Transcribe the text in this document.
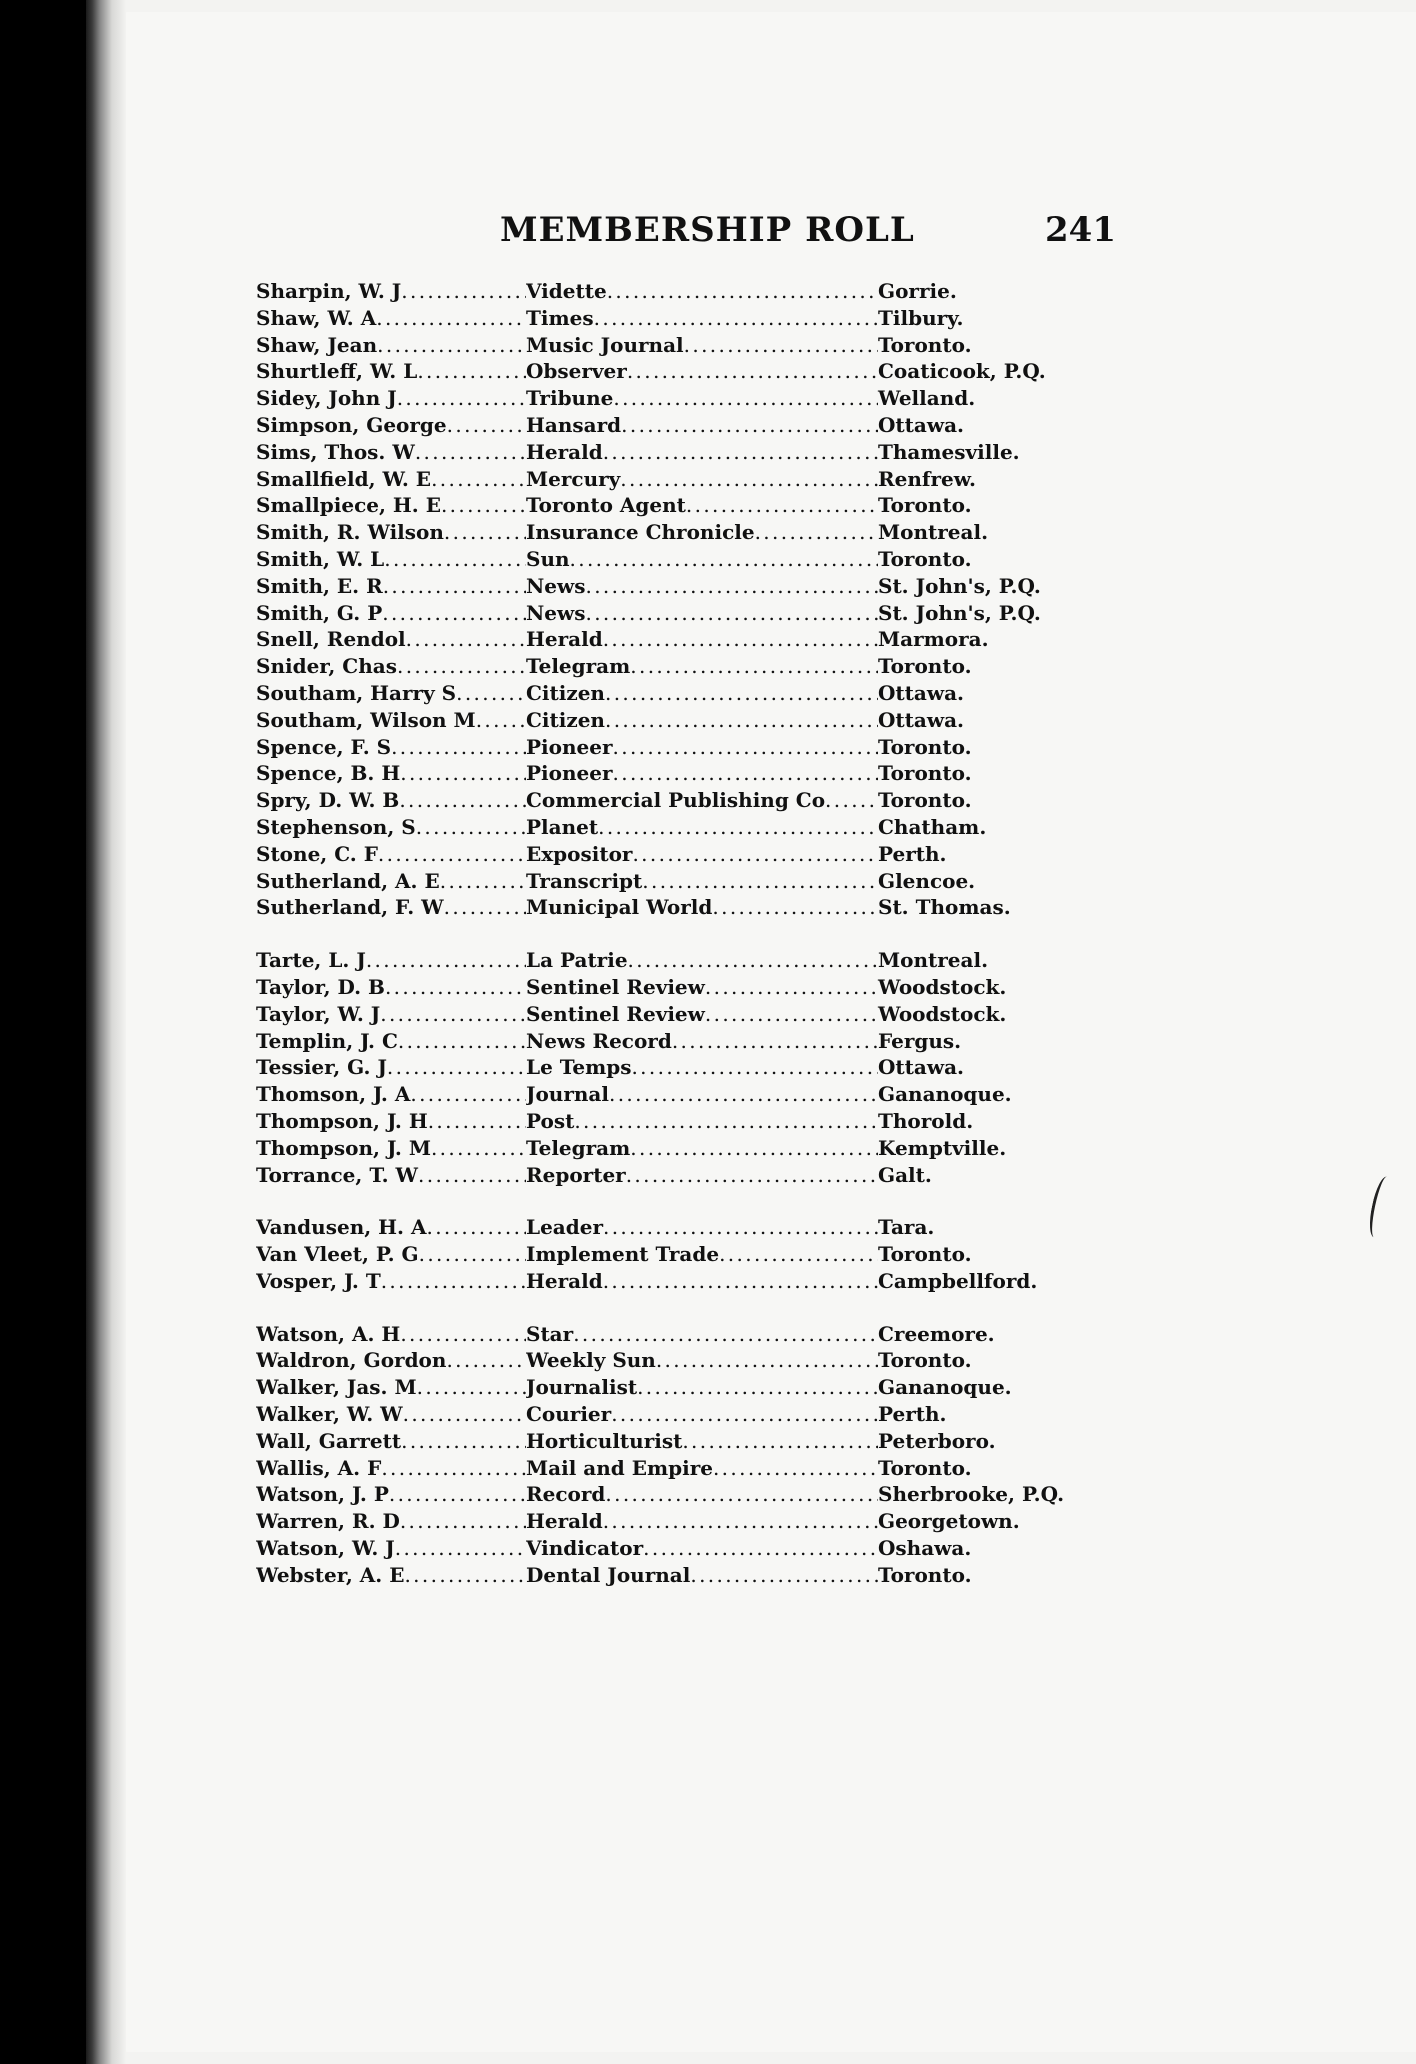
MEMBERSHIP ROLL	241
Sharpin, W. J . . .	Vidette . . .	Gorrie.
Shaw, W. A . . .	Times . . .	Tilbury.
Shaw, Jean . . .	Music Journal . . .	Toronto.
Shurtleff, W. L . . .	Observer . . .	Coaticook, P.Q.
Sidey, John J . . .	Tribune . . .	Welland.
Simpson, George . . .	Hansard . . .	Ottawa.
Sims, Thos. W . . .	Herald . . .	Thamesville.
Smallfield, W. E . . .	Mercury . . .	Renfrew.
Smallpiece, H. E . . .	Toronto Agent . . .	Toronto.
Smith, R. Wilson . . .	Insurance Chronicle . . .	Montreal.
Smith, W. L . . .	Sun . . .	Toronto.
Smith, E. R . . .	News . . .	St. John's, P.Q.
Smith, G. P . . .	News . . .	St. John's, P.Q.
Snell, Rendol . . .	Herald . . .	Marmora.
Snider, Chas . . .	Telegram . . .	Toronto.
Southam, Harry S . . .	Citizen . . .	Ottawa.
Southam, Wilson M . . .	Citizen . . .	Ottawa.
Spence, F. S . . .	Pioneer . . .	Toronto.
Spence, B. H . . .	Pioneer . . .	Toronto.
Spry, D. W. B . . .	Commercial Publishing Co . . .	Toronto.
Stephenson, S . . .	Planet . . .	Chatham.
Stone, C. F . . .	Expositor . . .	Perth.
Sutherland, A. E . . .	Transcript . . .	Glencoe.
Sutherland, F. W . . .	Municipal World . . .	St. Thomas.
Tarte, L. J . . .	La Patrie . . .	Montreal.
Taylor, D. B . . .	Sentinel Review . . .	Woodstock.
Taylor, W. J . . .	Sentinel Review . . .	Woodstock.
Templin, J. C . . .	News Record . . .	Fergus.
Tessier, G. J . . .	Le Temps . . .	Ottawa.
Thomson, J. A . . .	Journal . . .	Gananoque.
Thompson, J. H . . .	Post . . .	Thorold.
Thompson, J. M . . .	Telegram . . .	Kemptville.
Torrance, T. W . . .	Reporter . . .	Galt.
Vandusen, H. A . . .	Leader . . .	Tara.
Van Vleet, P. G . . .	Implement Trade . . .	Toronto.
Vosper, J. T . . .	Herald . . .	Campbellford.
Watson, A. H . . .	Star . . .	Creemore.
Waldron, Gordon . . .	Weekly Sun . . .	Toronto.
Walker, Jas. M . . .	Journalist . . .	Gananoque.
Walker, W. W . . .	Courier . . .	Perth.
Wall, Garrett . . .	Horticulturist . . .	Peterboro.
Wallis, A. F . . .	Mail and Empire . . .	Toronto.
Watson, J. P . . .	Record . . .	Sherbrooke, P.Q.
Warren, R. D . . .	Herald . . .	Georgetown.
Watson, W. J . . .	Vindicator . . .	Oshawa.
Webster, A. E . . .	Dental Journal . . .	Toronto.
